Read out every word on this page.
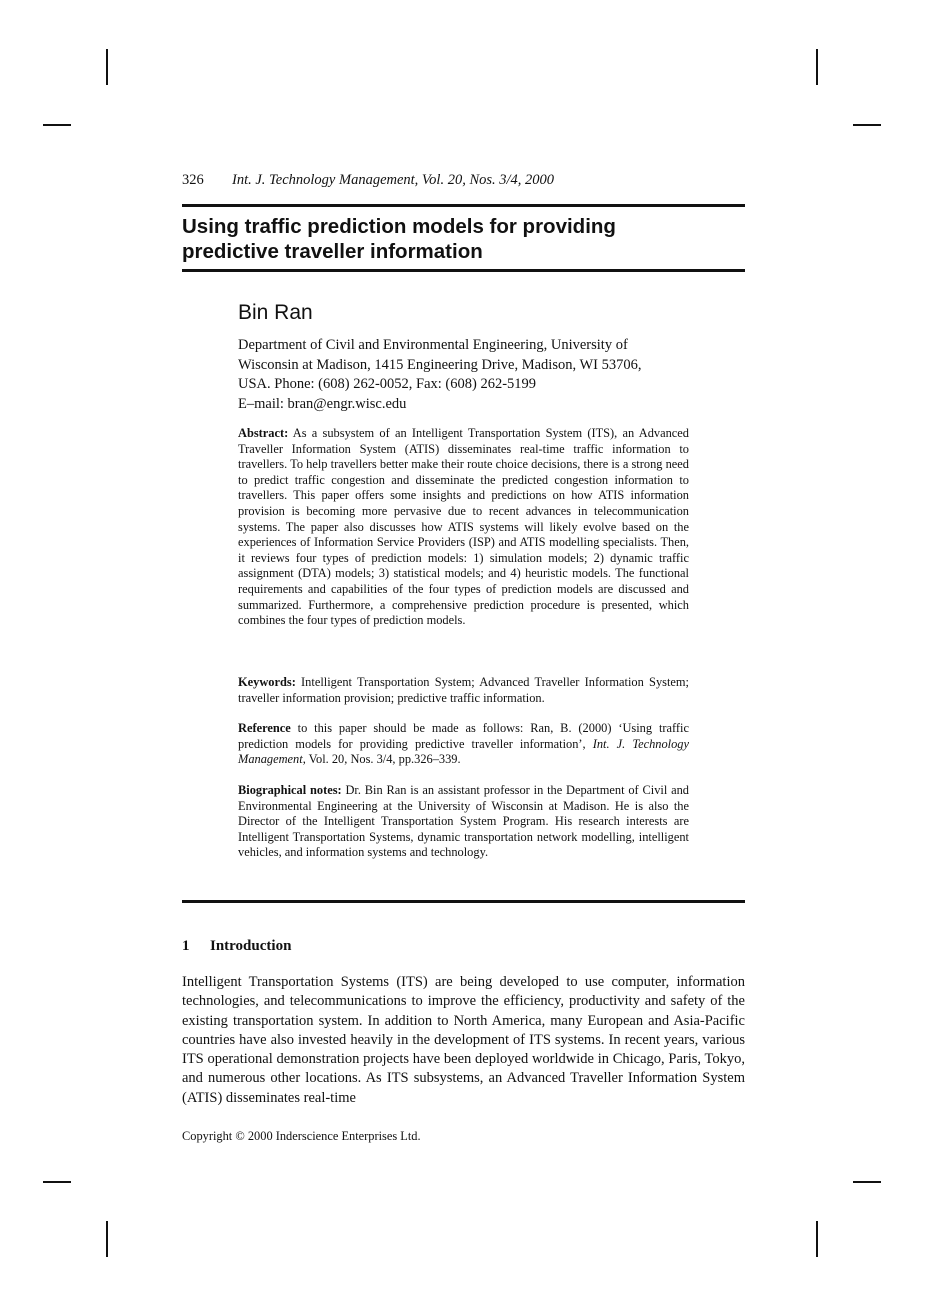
326 Int. J. Technology Management, Vol. 20, Nos. 3/4, 2000
Using traffic prediction models for providing
predictive traveller information
Bin Ran
Department of Civil and Environmental Engineering, University of
Wisconsin at Madison, 1415 Engineering Drive, Madison, WI 53706,
USA. Phone: (608) 262-0052, Fax: (608) 262-5199
E–mail: bran@engr.wisc.edu
Abstract: As a subsystem of an Intelligent Transportation System (ITS), an Advanced Traveller Information System (ATIS) disseminates real-time traffic information to travellers. To help travellers better make their route choice decisions, there is a strong need to predict traffic congestion and disseminate the predicted congestion information to travellers. This paper offers some insights and predictions on how ATIS information provision is becoming more pervasive due to recent advances in telecommunication systems. The paper also discusses how ATIS systems will likely evolve based on the experiences of Information Service Providers (ISP) and ATIS modelling specialists. Then, it reviews four types of prediction models: 1) simulation models; 2) dynamic traffic assignment (DTA) models; 3) statistical models; and 4) heuristic models. The functional requirements and capabilities of the four types of prediction models are discussed and summarized. Furthermore, a comprehensive prediction procedure is presented, which combines the four types of prediction models.
Keywords: Intelligent Transportation System; Advanced Traveller Information System; traveller information provision; predictive traffic information.
Reference to this paper should be made as follows: Ran, B. (2000) ‘Using traffic prediction models for providing predictive traveller information’, Int. J. Technology Management, Vol. 20, Nos. 3/4, pp.326–339.
Biographical notes: Dr. Bin Ran is an assistant professor in the Department of Civil and Environmental Engineering at the University of Wisconsin at Madison. He is also the Director of the Intelligent Transportation System Program. His research interests are Intelligent Transportation Systems, dynamic transportation network modelling, intelligent vehicles, and information systems and technology.
1 Introduction
Intelligent Transportation Systems (ITS) are being developed to use computer, information technologies, and telecommunications to improve the efficiency, productivity and safety of the existing transportation system. In addition to North America, many European and Asia-Pacific countries have also invested heavily in the development of ITS systems. In recent years, various ITS operational demonstration projects have been deployed worldwide in Chicago, Paris, Tokyo, and numerous other locations. As ITS subsystems, an Advanced Traveller Information System (ATIS) disseminates real-time
Copyright © 2000 Inderscience Enterprises Ltd.
